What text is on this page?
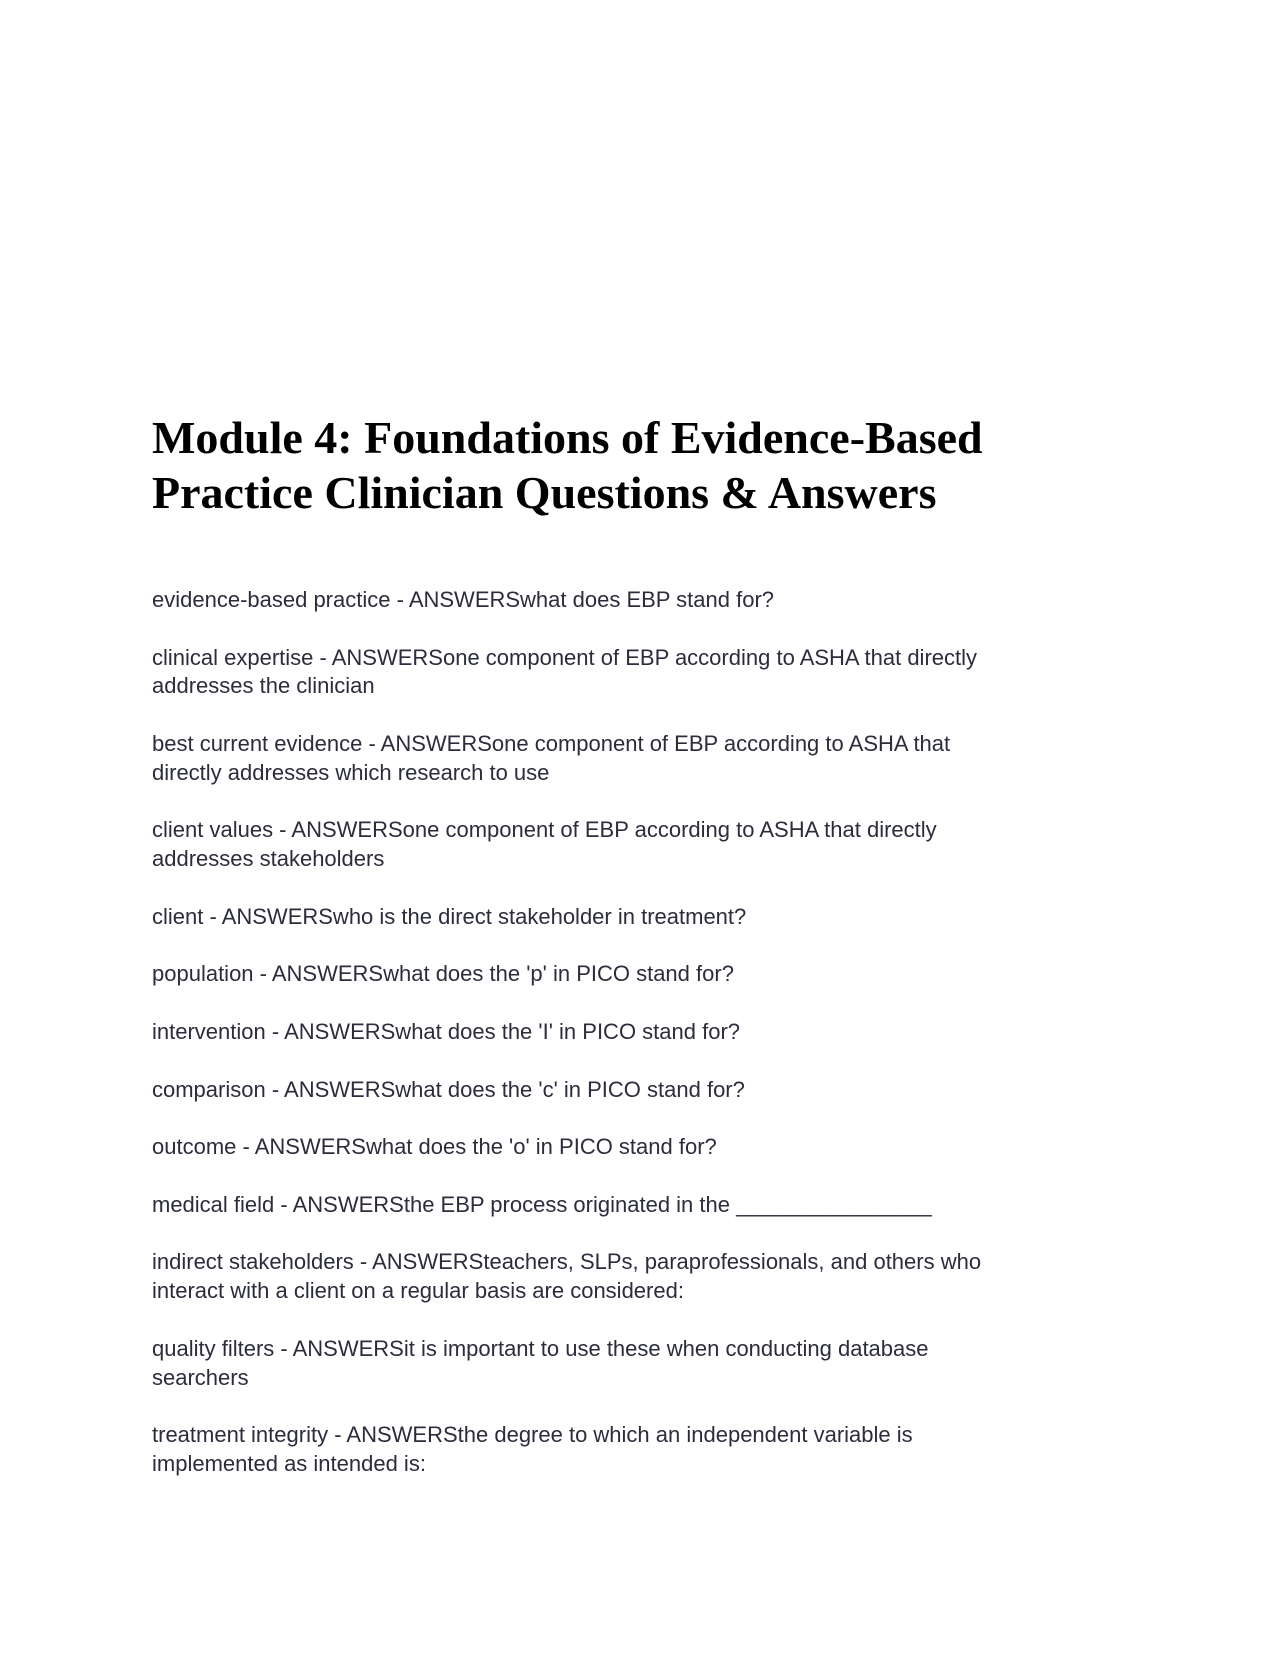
Module 4: Foundations of Evidence-Based
Practice Clinician Questions & Answers

evidence-based practice - ANSWERSwhat does EBP stand for?

clinical expertise - ANSWERSone component of EBP according to ASHA that directly
addresses the clinician

best current evidence - ANSWERSone component of EBP according to ASHA that
directly addresses which research to use

client values - ANSWERSone component of EBP according to ASHA that directly
addresses stakeholders

client - ANSWERSwho is the direct stakeholder in treatment?

population - ANSWERSwhat does the 'p' in PICO stand for?

intervention - ANSWERSwhat does the 'I' in PICO stand for?

comparison - ANSWERSwhat does the 'c' in PICO stand for?

outcome - ANSWERSwhat does the 'o' in PICO stand for?

medical field - ANSWERSthe EBP process originated in the ________________

indirect stakeholders - ANSWERSteachers, SLPs, paraprofessionals, and others who
interact with a client on a regular basis are considered:

quality filters - ANSWERSit is important to use these when conducting database
searchers

treatment integrity - ANSWERSthe degree to which an independent variable is
implemented as intended is:
